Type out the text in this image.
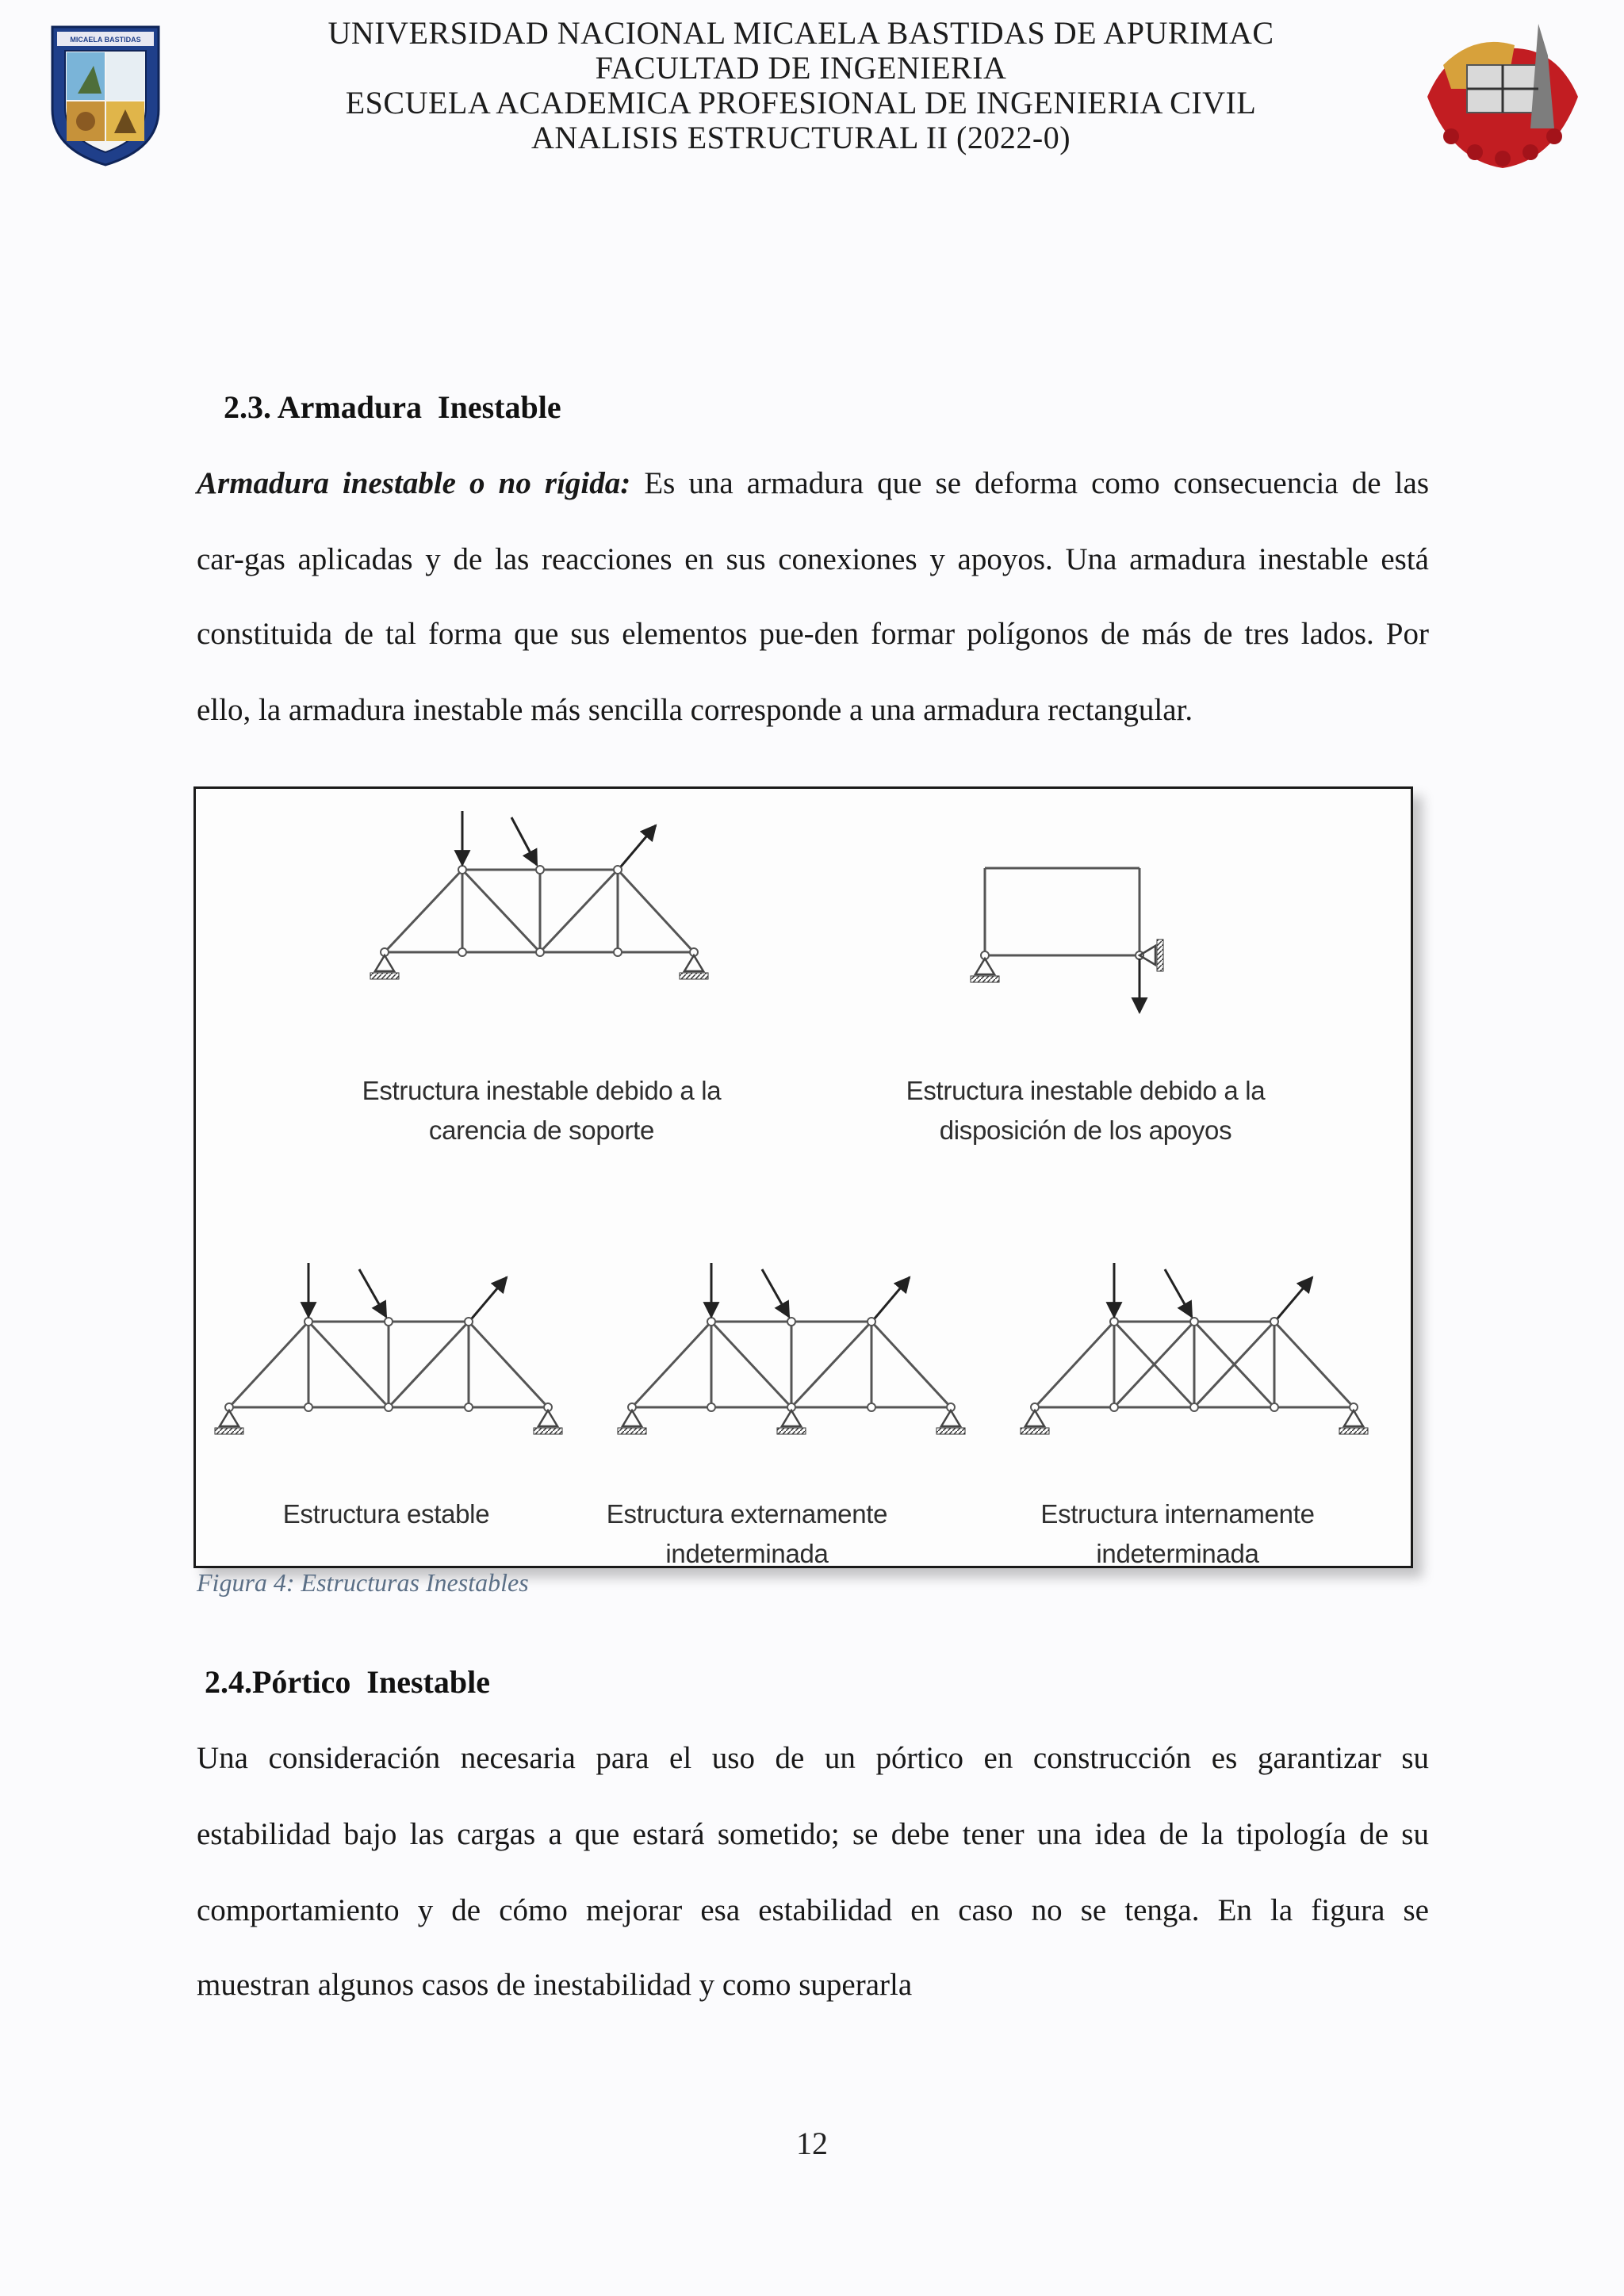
MICAELA BASTIDAS	UNIVERSIDAD NACIONAL MICAELA BASTIDAS DE APURIMAC
FACULTAD DE INGENIERIA
ESCUELA ACADEMICA PROFESIONAL DE INGENIERIA CIVIL
ANALISIS ESTRUCTURAL II (2022-0)
2.3. Armadura  Inestable
Armadura inestable o no rígida: Es una armadura que se deforma como consecuencia de las
car-gas aplicadas y de las reacciones en sus conexiones y apoyos. Una armadura inestable está
constituida de tal forma que sus elementos pue-den formar polígonos de más de tres lados. Por
ello, la armadura inestable más sencilla corresponde a una armadura rectangular.
Estructura inestable debido a la
carencia de soporte
Estructura inestable debido a la
disposición de los apoyos
Estructura estable	Estructura externamente indeterminada
Estructura internamente indeterminada
Figura 4: Estructuras Inestables
2.4.Pórtico  Inestable
Una consideración necesaria para el uso de un pórtico en construcción es garantizar su
estabilidad bajo las cargas a que estará sometido; se debe tener una idea de la tipología de su
comportamiento y de cómo mejorar esa estabilidad en caso no se tenga. En la figura se
muestran algunos casos de inestabilidad y como superarla
12
